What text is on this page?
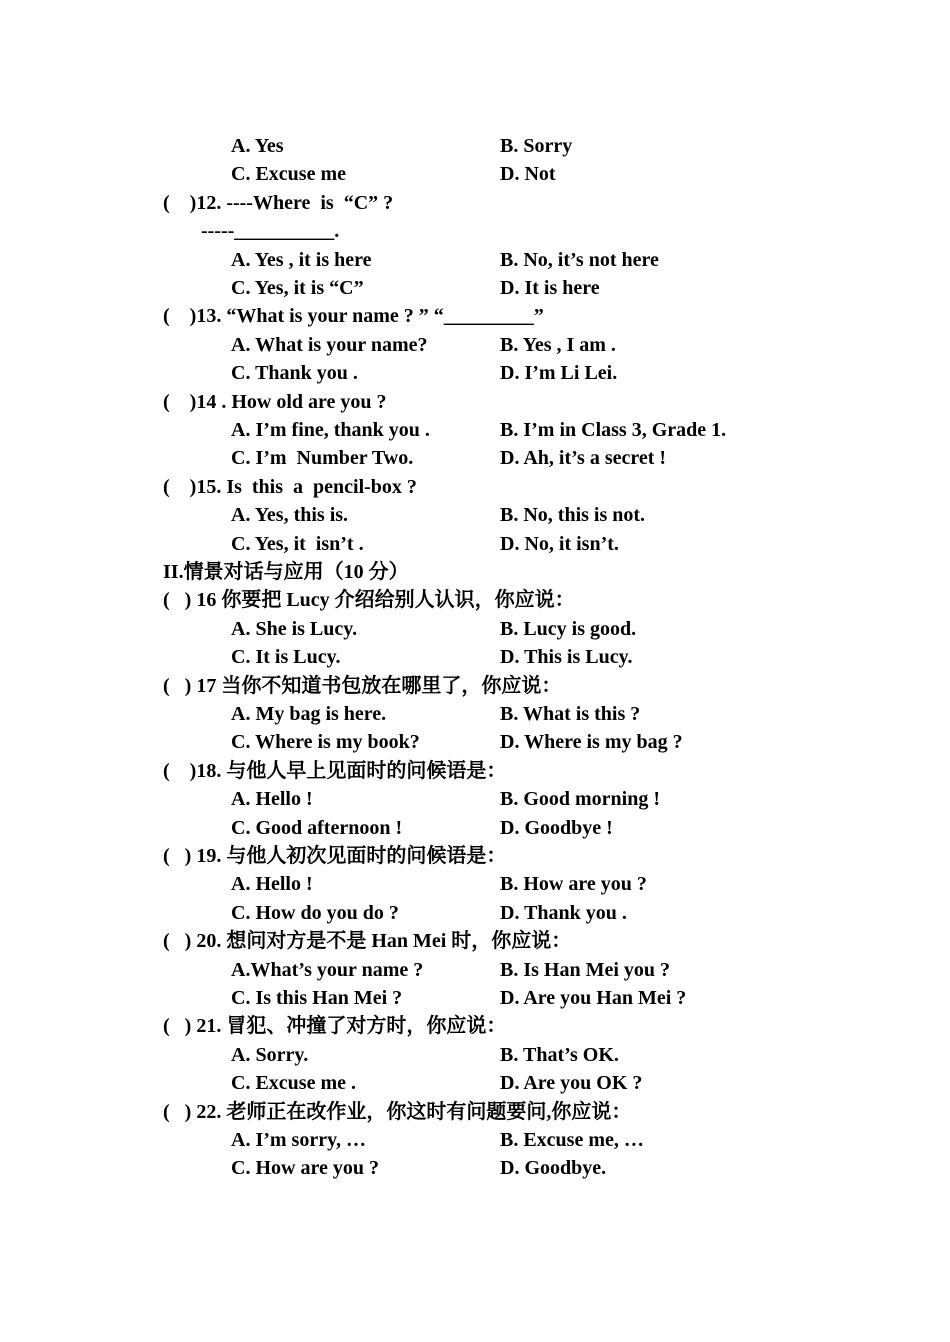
A. Yes	B. Sorry
C. Excuse me	D. Not
(    )12. ----Where  is  “C” ?
-----__________.
A. Yes , it is here	B. No, it’s not here
C. Yes, it is “C”	D. It is here
(    )13. “What is your name ? ” “_________”
A. What is your name?	B. Yes , I am .
C. Thank you .	D. I’m Li Lei.
(    )14 . How old are you ?
A. I’m fine, thank you .	B. I’m in Class 3, Grade 1.
C. I’m  Number Two.	D. Ah, it’s a secret !
(    )15. Is  this  a  pencil-box ?
A. Yes, this is.	B. No, this is not.
C. Yes, it  isn’t .	D. No, it isn’t.
II.情景对话与应用（10 分）
(   ) 16 你要把 Lucy 介绍给别人认识，你应说：
A. She is Lucy.	B. Lucy is good.
C. It is Lucy.	D. This is Lucy.
(   ) 17 当你不知道书包放在哪里了，你应说：
A. My bag is here.	B. What is this ?
C. Where is my book?	D. Where is my bag ?
(    )18. 与他人早上见面时的问候语是：
A. Hello !	B. Good morning !
C. Good afternoon !	D. Goodbye !
(   ) 19. 与他人初次见面时的问候语是：
A. Hello !	B. How are you ?
C. How do you do ?	D. Thank you .
(   ) 20. 想问对方是不是 Han Mei 时，你应说：
A.What’s your name ?	B. Is Han Mei you ?
C. Is this Han Mei ?	D. Are you Han Mei ?
(   ) 21. 冒犯、冲撞了对方时，你应说：
A. Sorry.	B. That’s OK.
C. Excuse me .	D. Are you OK ?
(   ) 22. 老师正在改作业，你这时有问题要问,你应说：
A. I’m sorry, …	B. Excuse me, …
C. How are you ?	D. Goodbye.
